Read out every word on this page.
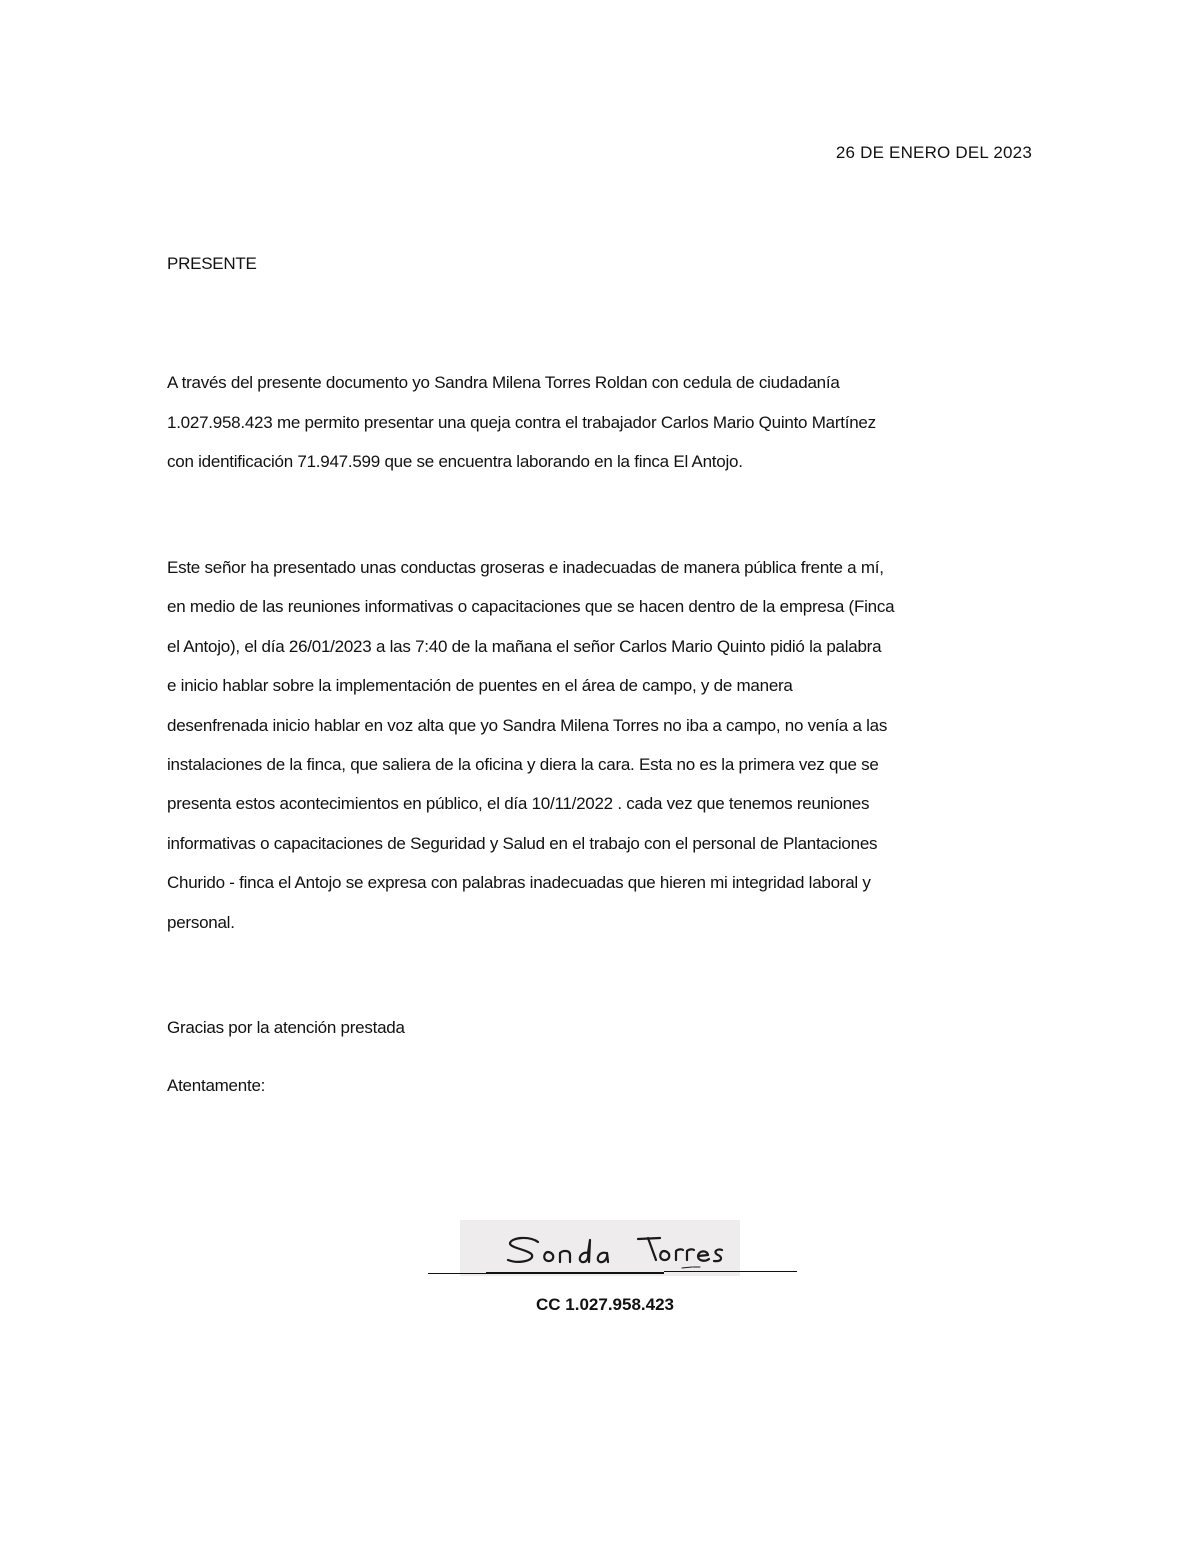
26 DE ENERO DEL 2023
PRESENTE
A través del presente documento yo Sandra Milena Torres Roldan con cedula de ciudadanía
1.027.958.423 me permito presentar una queja contra el trabajador Carlos Mario Quinto Martínez
con identificación 71.947.599 que se encuentra laborando en la finca El Antojo.
Este señor ha presentado unas conductas groseras e inadecuadas de manera pública frente a mí,
en medio de las reuniones informativas o capacitaciones que se hacen dentro de la empresa (Finca
el Antojo), el día 26/01/2023 a las 7:40 de la mañana el señor Carlos Mario Quinto pidió la palabra
e inicio hablar sobre la implementación de puentes en el área de campo, y de manera
desenfrenada inicio hablar en voz alta que yo Sandra Milena Torres no iba a campo, no venía a las
instalaciones de la finca, que saliera de la oficina y diera la cara. Esta no es la primera vez que se
presenta estos acontecimientos en público, el día 10/11/2022 . cada vez que tenemos reuniones
informativas o capacitaciones de Seguridad y Salud en el trabajo con el personal de Plantaciones
Churido - finca el Antojo se expresa con palabras inadecuadas que hieren mi integridad laboral y
personal.
Gracias por la atención prestada
Atentamente:
CC 1.027.958.423
